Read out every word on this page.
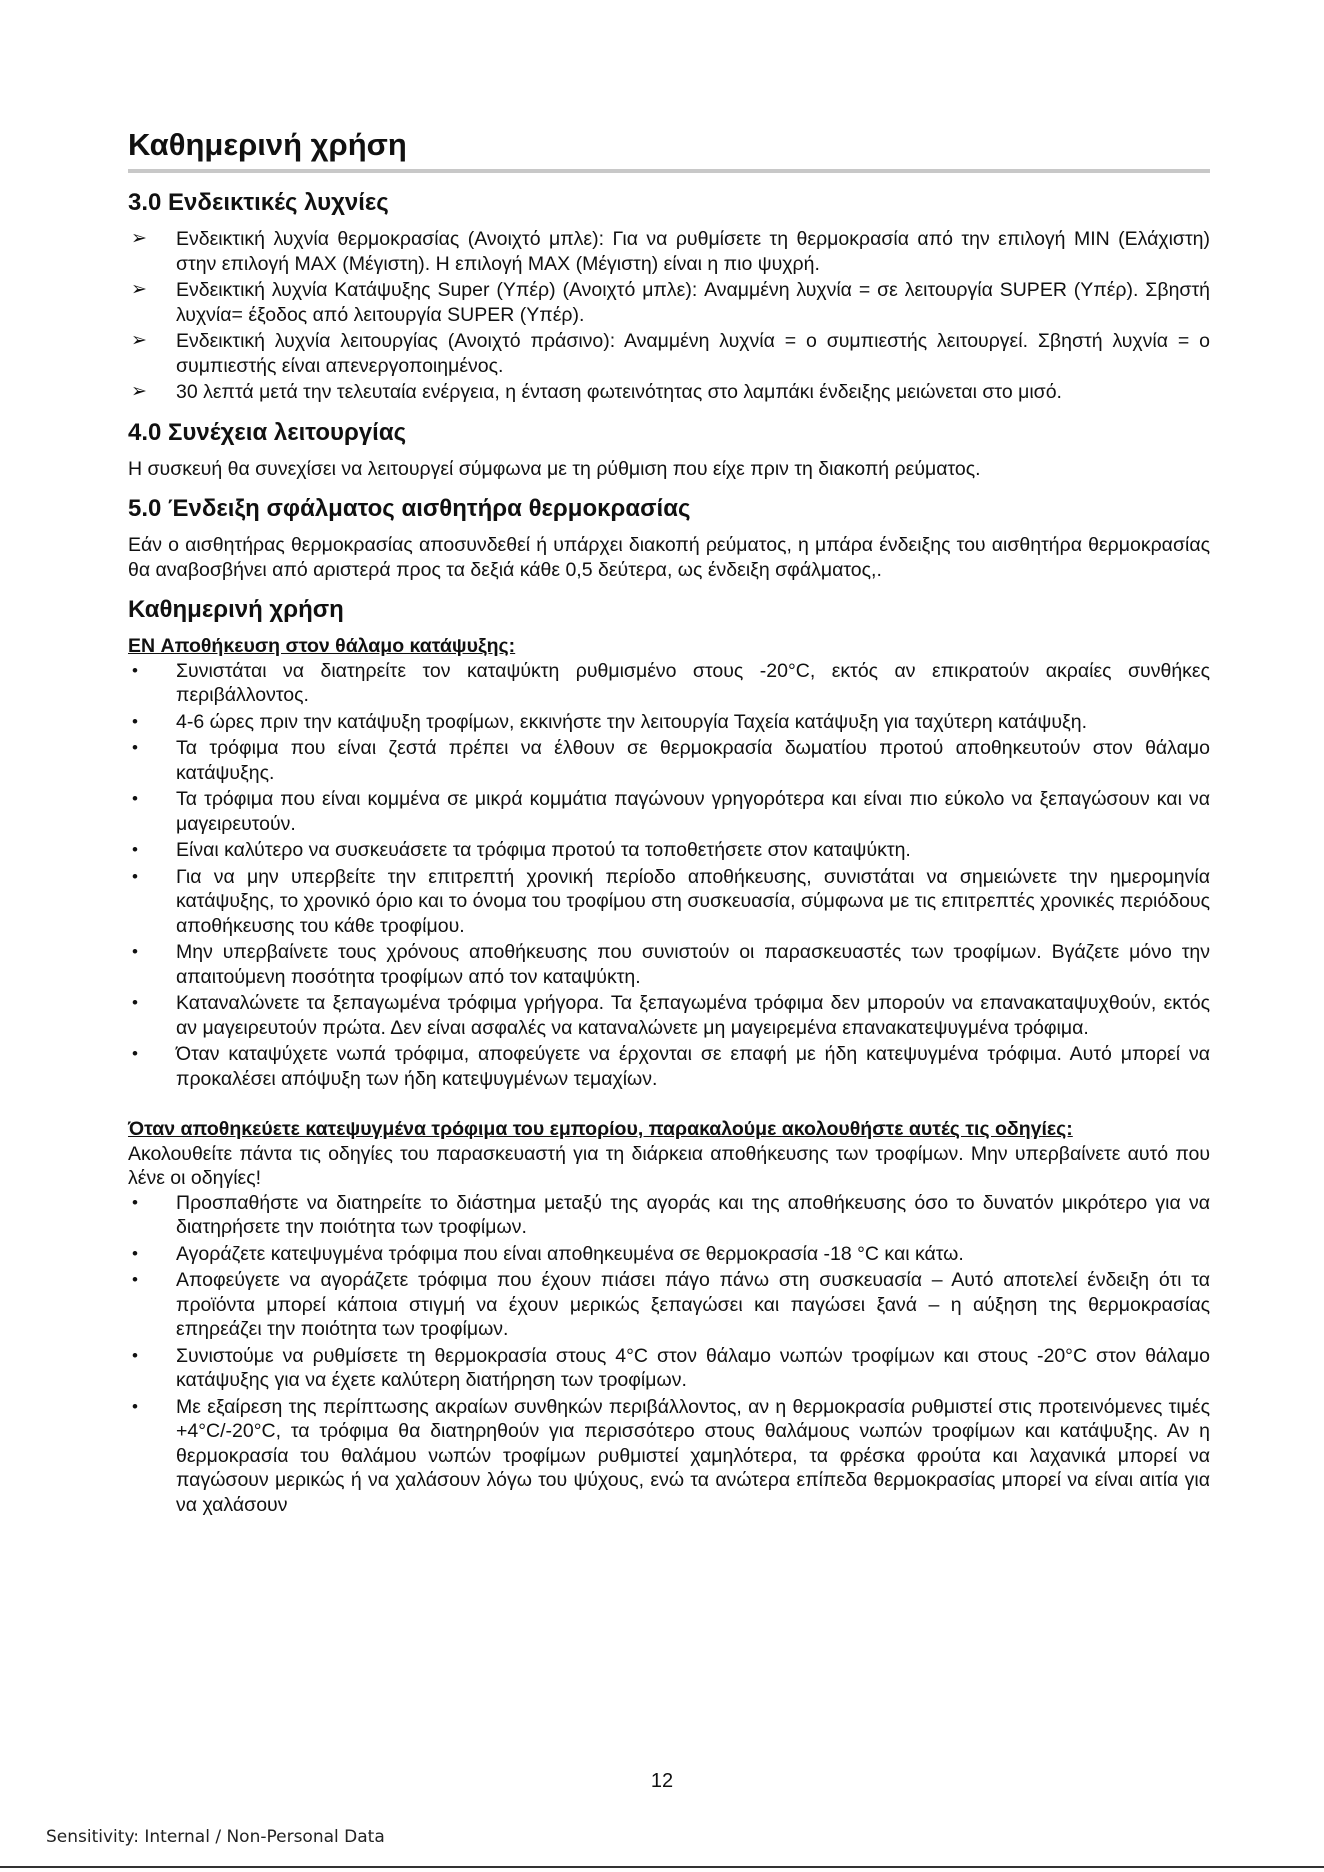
Καθημερινή χρήση
3.0 Ενδεικτικές λυχνίες
➢ Ενδεικτική λυχνία θερμοκρασίας (Ανοιχτό μπλε): Για να ρυθμίσετε τη θερμοκρασία από την επιλογή MIN (Ελάχιστη) στην επιλογή MAX (Μέγιστη). Η επιλογή MAX (Μέγιστη) είναι η πιο ψυχρή.
➢ Ενδεικτική λυχνία Κατάψυξης Super (Υπέρ) (Ανοιχτό μπλε): Αναμμένη λυχνία = σε λειτουργία SUPER (Υπέρ). Σβηστή λυχνία= έξοδος από λειτουργία SUPER (Υπέρ).
➢ Ενδεικτική λυχνία λειτουργίας (Ανοιχτό πράσινο): Αναμμένη λυχνία = ο συμπιεστής λειτουργεί. Σβηστή λυχνία = ο συμπιεστής είναι απενεργοποιημένος.
➢ 30 λεπτά μετά την τελευταία ενέργεια, η ένταση φωτεινότητας στο λαμπάκι ένδειξης μειώνεται στο μισό.
4.0 Συνέχεια λειτουργίας

Η συσκευή θα συνεχίσει να λειτουργεί σύμφωνα με τη ρύθμιση που είχε πριν τη διακοπή ρεύματος.

5.0 Ένδειξη σφάλματος αισθητήρα θερμοκρασίας

Εάν ο αισθητήρας θερμοκρασίας αποσυνδεθεί ή υπάρχει διακοπή ρεύματος, η μπάρα ένδειξης του αισθητήρα θερμοκρασίας θα αναβοσβήνει από αριστερά προς τα δεξιά κάθε 0,5 δεύτερα, ως ένδειξη σφάλματος,.

Καθημερινή χρήση
EN Αποθήκευση στον θάλαμο κατάψυξης:
• Συνιστάται να διατηρείτε τον καταψύκτη ρυθμισμένο στους -20°C, εκτός αν επικρατούν ακραίες συνθήκες περιβάλλοντος.
• 4-6 ώρες πριν την κατάψυξη τροφίμων, εκκινήστε την λειτουργία Ταχεία κατάψυξη για ταχύτερη κατάψυξη.
• Τα τρόφιμα που είναι ζεστά πρέπει να έλθουν σε θερμοκρασία δωματίου προτού αποθηκευτούν στον θάλαμο κατάψυξης.
• Τα τρόφιμα που είναι κομμένα σε μικρά κομμάτια παγώνουν γρηγορότερα και είναι πιο εύκολο να ξεπαγώσουν και να μαγειρευτούν.
• Είναι καλύτερο να συσκευάσετε τα τρόφιμα προτού τα τοποθετήσετε στον καταψύκτη.
• Για να μην υπερβείτε την επιτρεπτή χρονική περίοδο αποθήκευσης, συνιστάται να σημειώνετε την ημερομηνία κατάψυξης, το χρονικό όριο και το όνομα του τροφίμου στη συσκευασία, σύμφωνα με τις επιτρεπτές χρονικές περιόδους αποθήκευσης του κάθε τροφίμου.
• Μην υπερβαίνετε τους χρόνους αποθήκευσης που συνιστούν οι παρασκευαστές των τροφίμων. Βγάζετε μόνο την απαιτούμενη ποσότητα τροφίμων από τον καταψύκτη.
• Καταναλώνετε τα ξεπαγωμένα τρόφιμα γρήγορα. Τα ξεπαγωμένα τρόφιμα δεν μπορούν να επανακαταψυχθούν, εκτός αν μαγειρευτούν πρώτα. Δεν είναι ασφαλές να καταναλώνετε μη μαγειρεμένα επανακατεψυγμένα τρόφιμα.
• Όταν καταψύχετε νωπά τρόφιμα, αποφεύγετε να έρχονται σε επαφή με ήδη κατεψυγμένα τρόφιμα. Αυτό μπορεί να προκαλέσει απόψυξη των ήδη κατεψυγμένων τεμαχίων.
Όταν αποθηκεύετε κατεψυγμένα τρόφιμα του εμπορίου, παρακαλούμε ακολουθήστε αυτές τις οδηγίες:

Ακολουθείτε πάντα τις οδηγίες του παρασκευαστή για τη διάρκεια αποθήκευσης των τροφίμων. Μην υπερβαίνετε αυτό που λένε οι οδηγίες!

• Προσπαθήστε να διατηρείτε το διάστημα μεταξύ της αγοράς και της αποθήκευσης όσο το δυνατόν μικρότερο για να διατηρήσετε την ποιότητα των τροφίμων.
• Αγοράζετε κατεψυγμένα τρόφιμα που είναι αποθηκευμένα σε θερμοκρασία -18 °C και κάτω.
• Αποφεύγετε να αγοράζετε τρόφιμα που έχουν πιάσει πάγο πάνω στη συσκευασία – Αυτό αποτελεί ένδειξη ότι τα προϊόντα μπορεί κάποια στιγμή να έχουν μερικώς ξεπαγώσει και παγώσει ξανά – η αύξηση της θερμοκρασίας επηρεάζει την ποιότητα των τροφίμων.
• Συνιστούμε να ρυθμίσετε τη θερμοκρασία στους 4°C στον θάλαμο νωπών τροφίμων και στους -20°C στον θάλαμο κατάψυξης για να έχετε καλύτερη διατήρηση των τροφίμων.
• Με εξαίρεση της περίπτωσης ακραίων συνθηκών περιβάλλοντος, αν η θερμοκρασία ρυθμιστεί στις προτεινόμενες τιμές +4°C/-20°C, τα τρόφιμα θα διατηρηθούν για περισσότερο στους θαλάμους νωπών τροφίμων και κατάψυξης. Αν η θερμοκρασία του θαλάμου νωπών τροφίμων ρυθμιστεί χαμηλότερα, τα φρέσκα φρούτα και λαχανικά μπορεί να παγώσουν μερικώς ή να χαλάσουν λόγω του ψύχους, ενώ τα ανώτερα επίπεδα θερμοκρασίας μπορεί να είναι αιτία για να χαλάσουν
12
Sensitivity: Internal / Non-Personal Data
